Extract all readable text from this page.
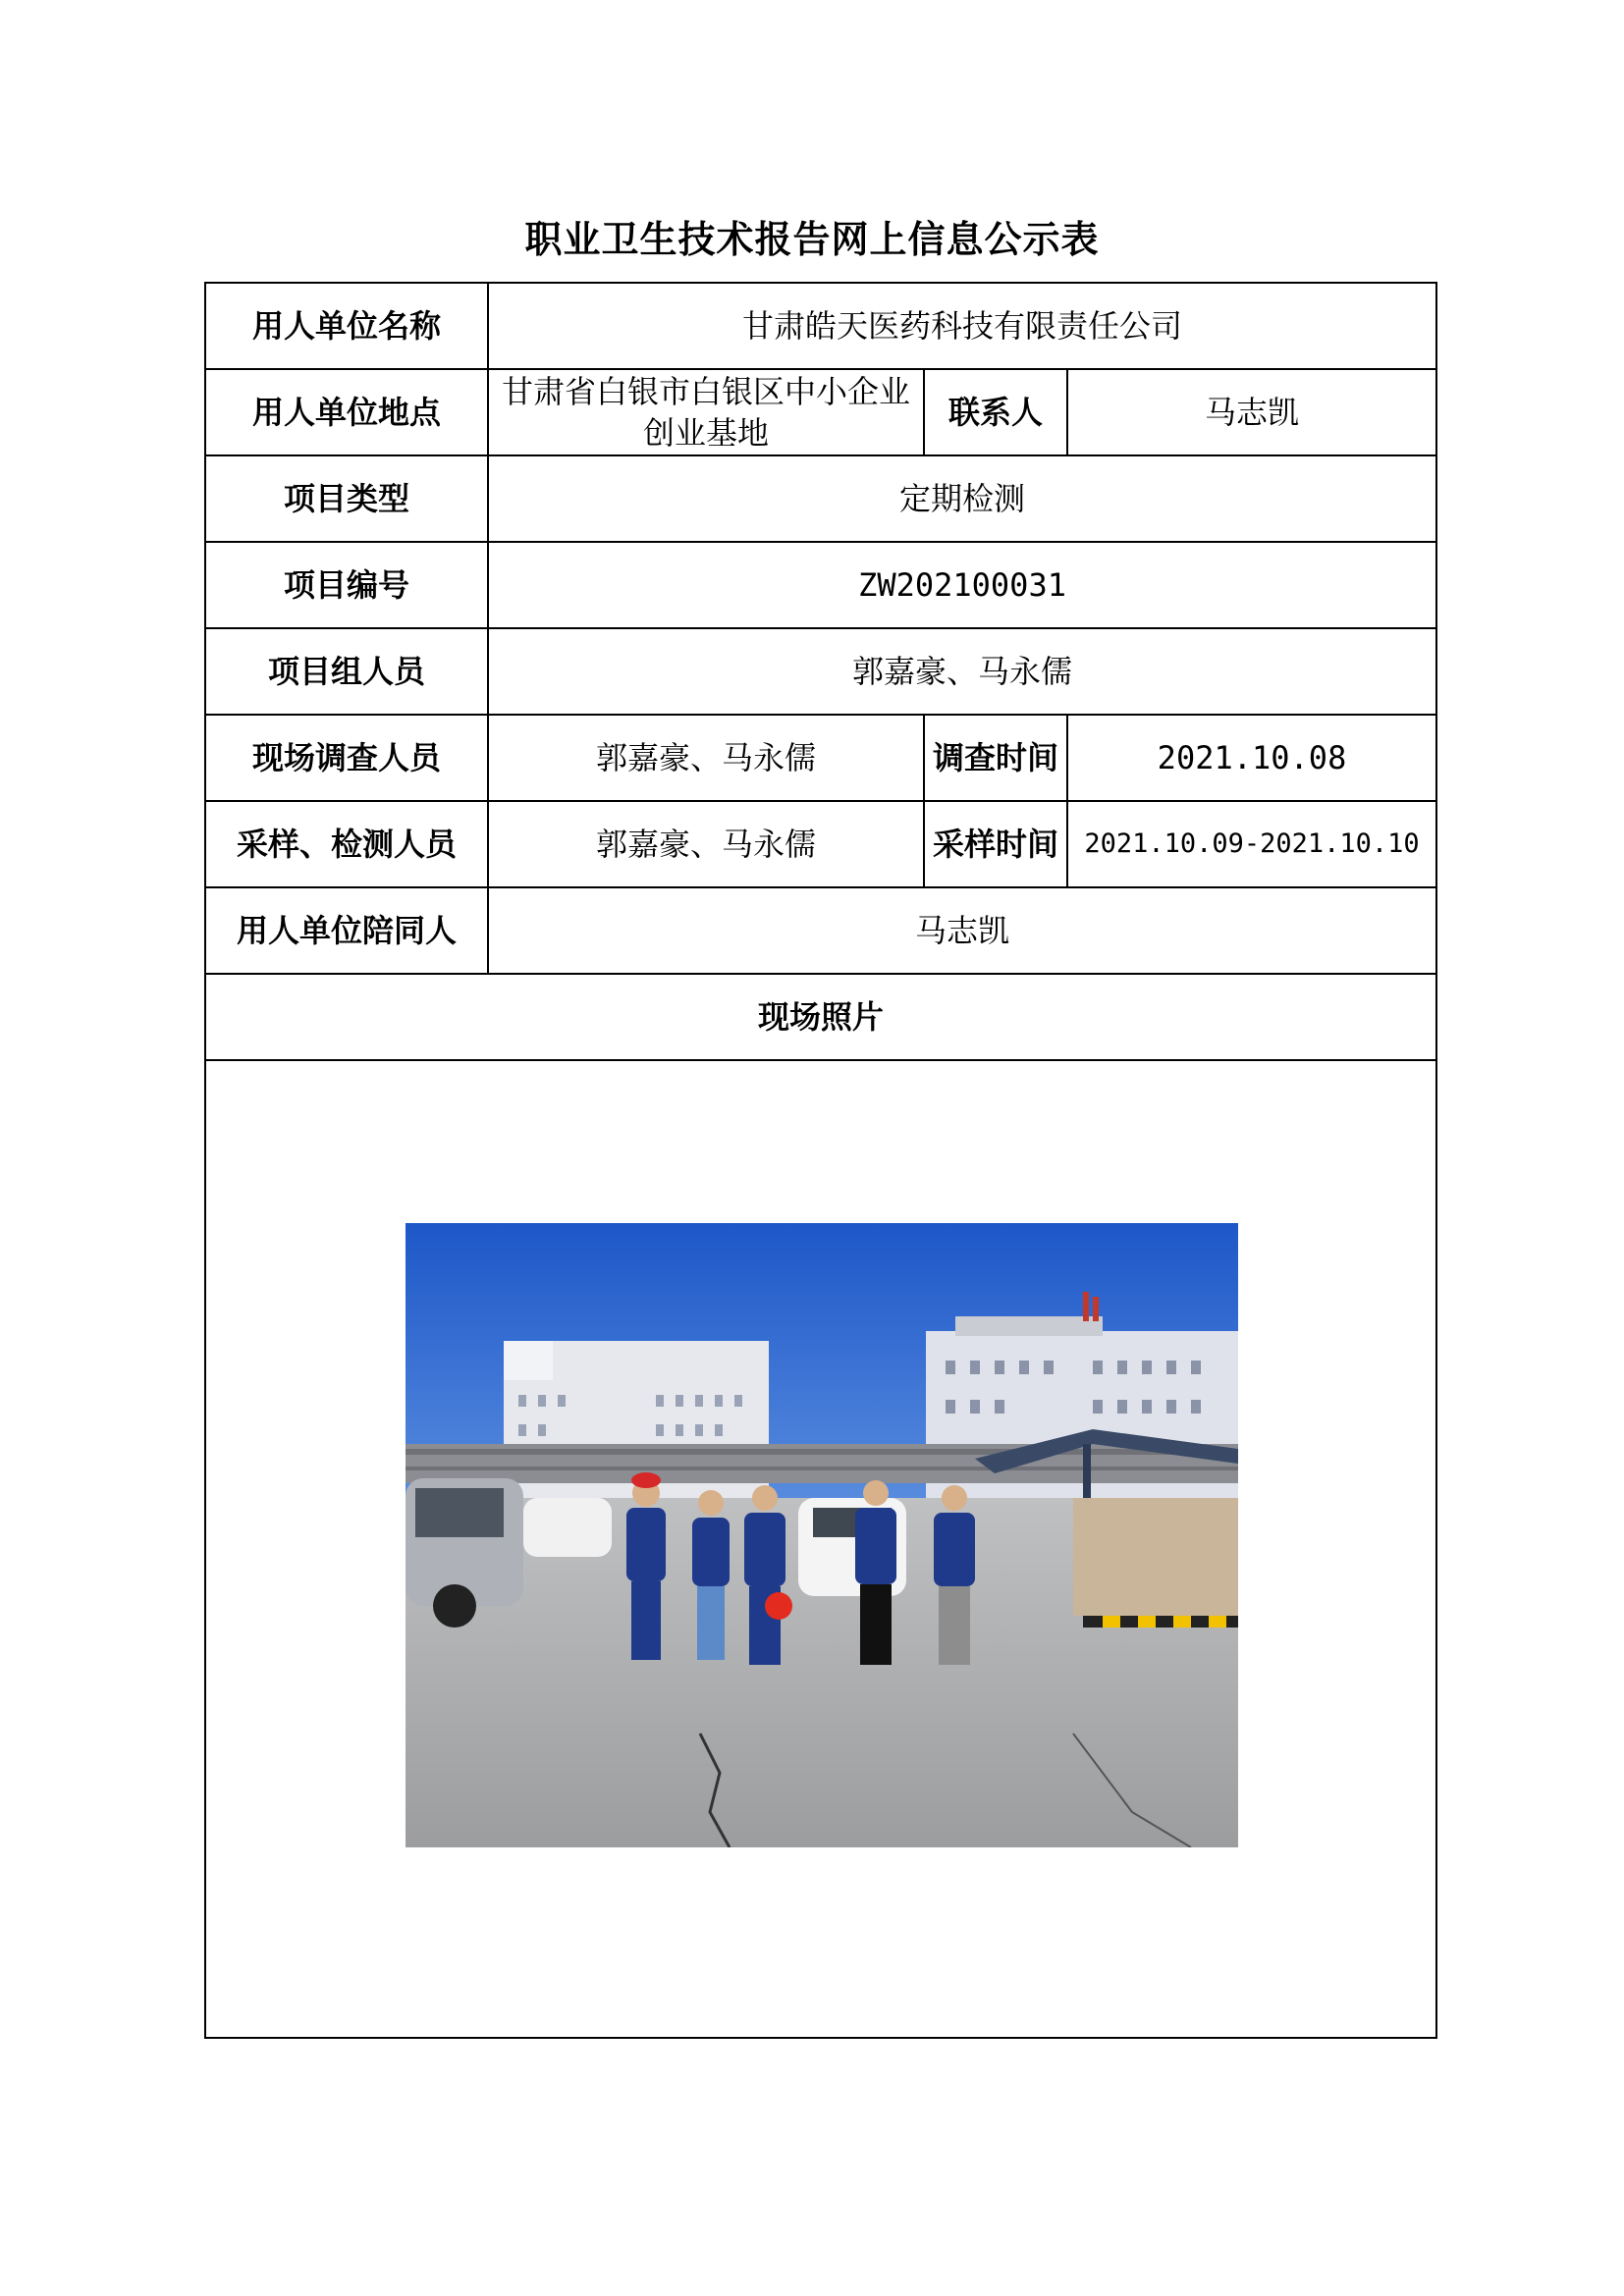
职业卫生技术报告网上信息公示表
用人单位名称	甘肃皓天医药科技有限责任公司		
用人单位地点	甘肃省白银市白银区中小企业创业基地	联系人	马志凯
项目类型	定期检测		
项目编号	ZW202100031		
项目组人员	郭嘉豪、马永儒		
现场调查人员	郭嘉豪、马永儒	调查时间	2021.10.08
采样、检测人员	郭嘉豪、马永儒	采样时间	2021.10.09-2021.10.10
用人单位陪同人	马志凯		
现场照片			
